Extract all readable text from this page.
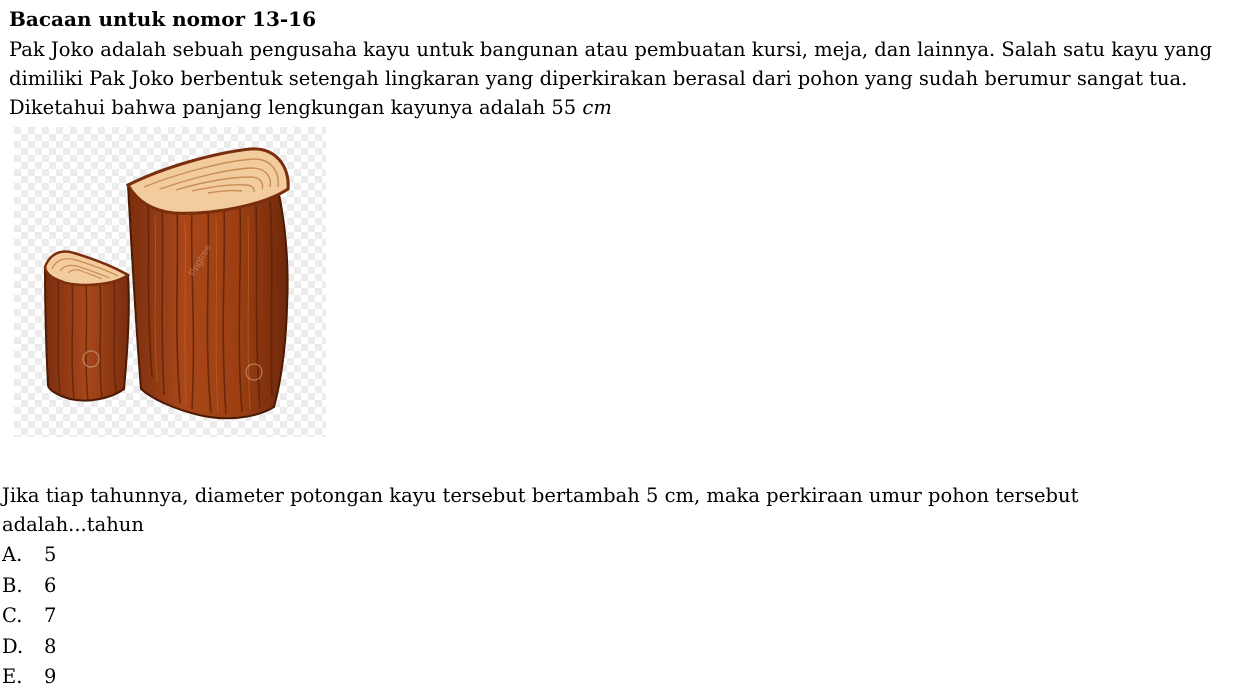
Bacaan untuk nomor 13-16
Pak Joko adalah sebuah pengusaha kayu untuk bangunan atau pembuatan kursi, meja, dan lainnya. Salah satu kayu yang
dimiliki Pak Joko berbentuk setengah lingkaran yang diperkirakan berasal dari pohon yang sudah berumur sangat tua.
Diketahui bahwa panjang lengkungan kayunya adalah 55 cm
Pngtree
Jika tiap tahunnya, diameter potongan kayu tersebut bertambah 5 cm, maka perkiraan umur pohon tersebut
adalah...tahun
A.	5
B.	6
C.	7
D.	8
E.	9
